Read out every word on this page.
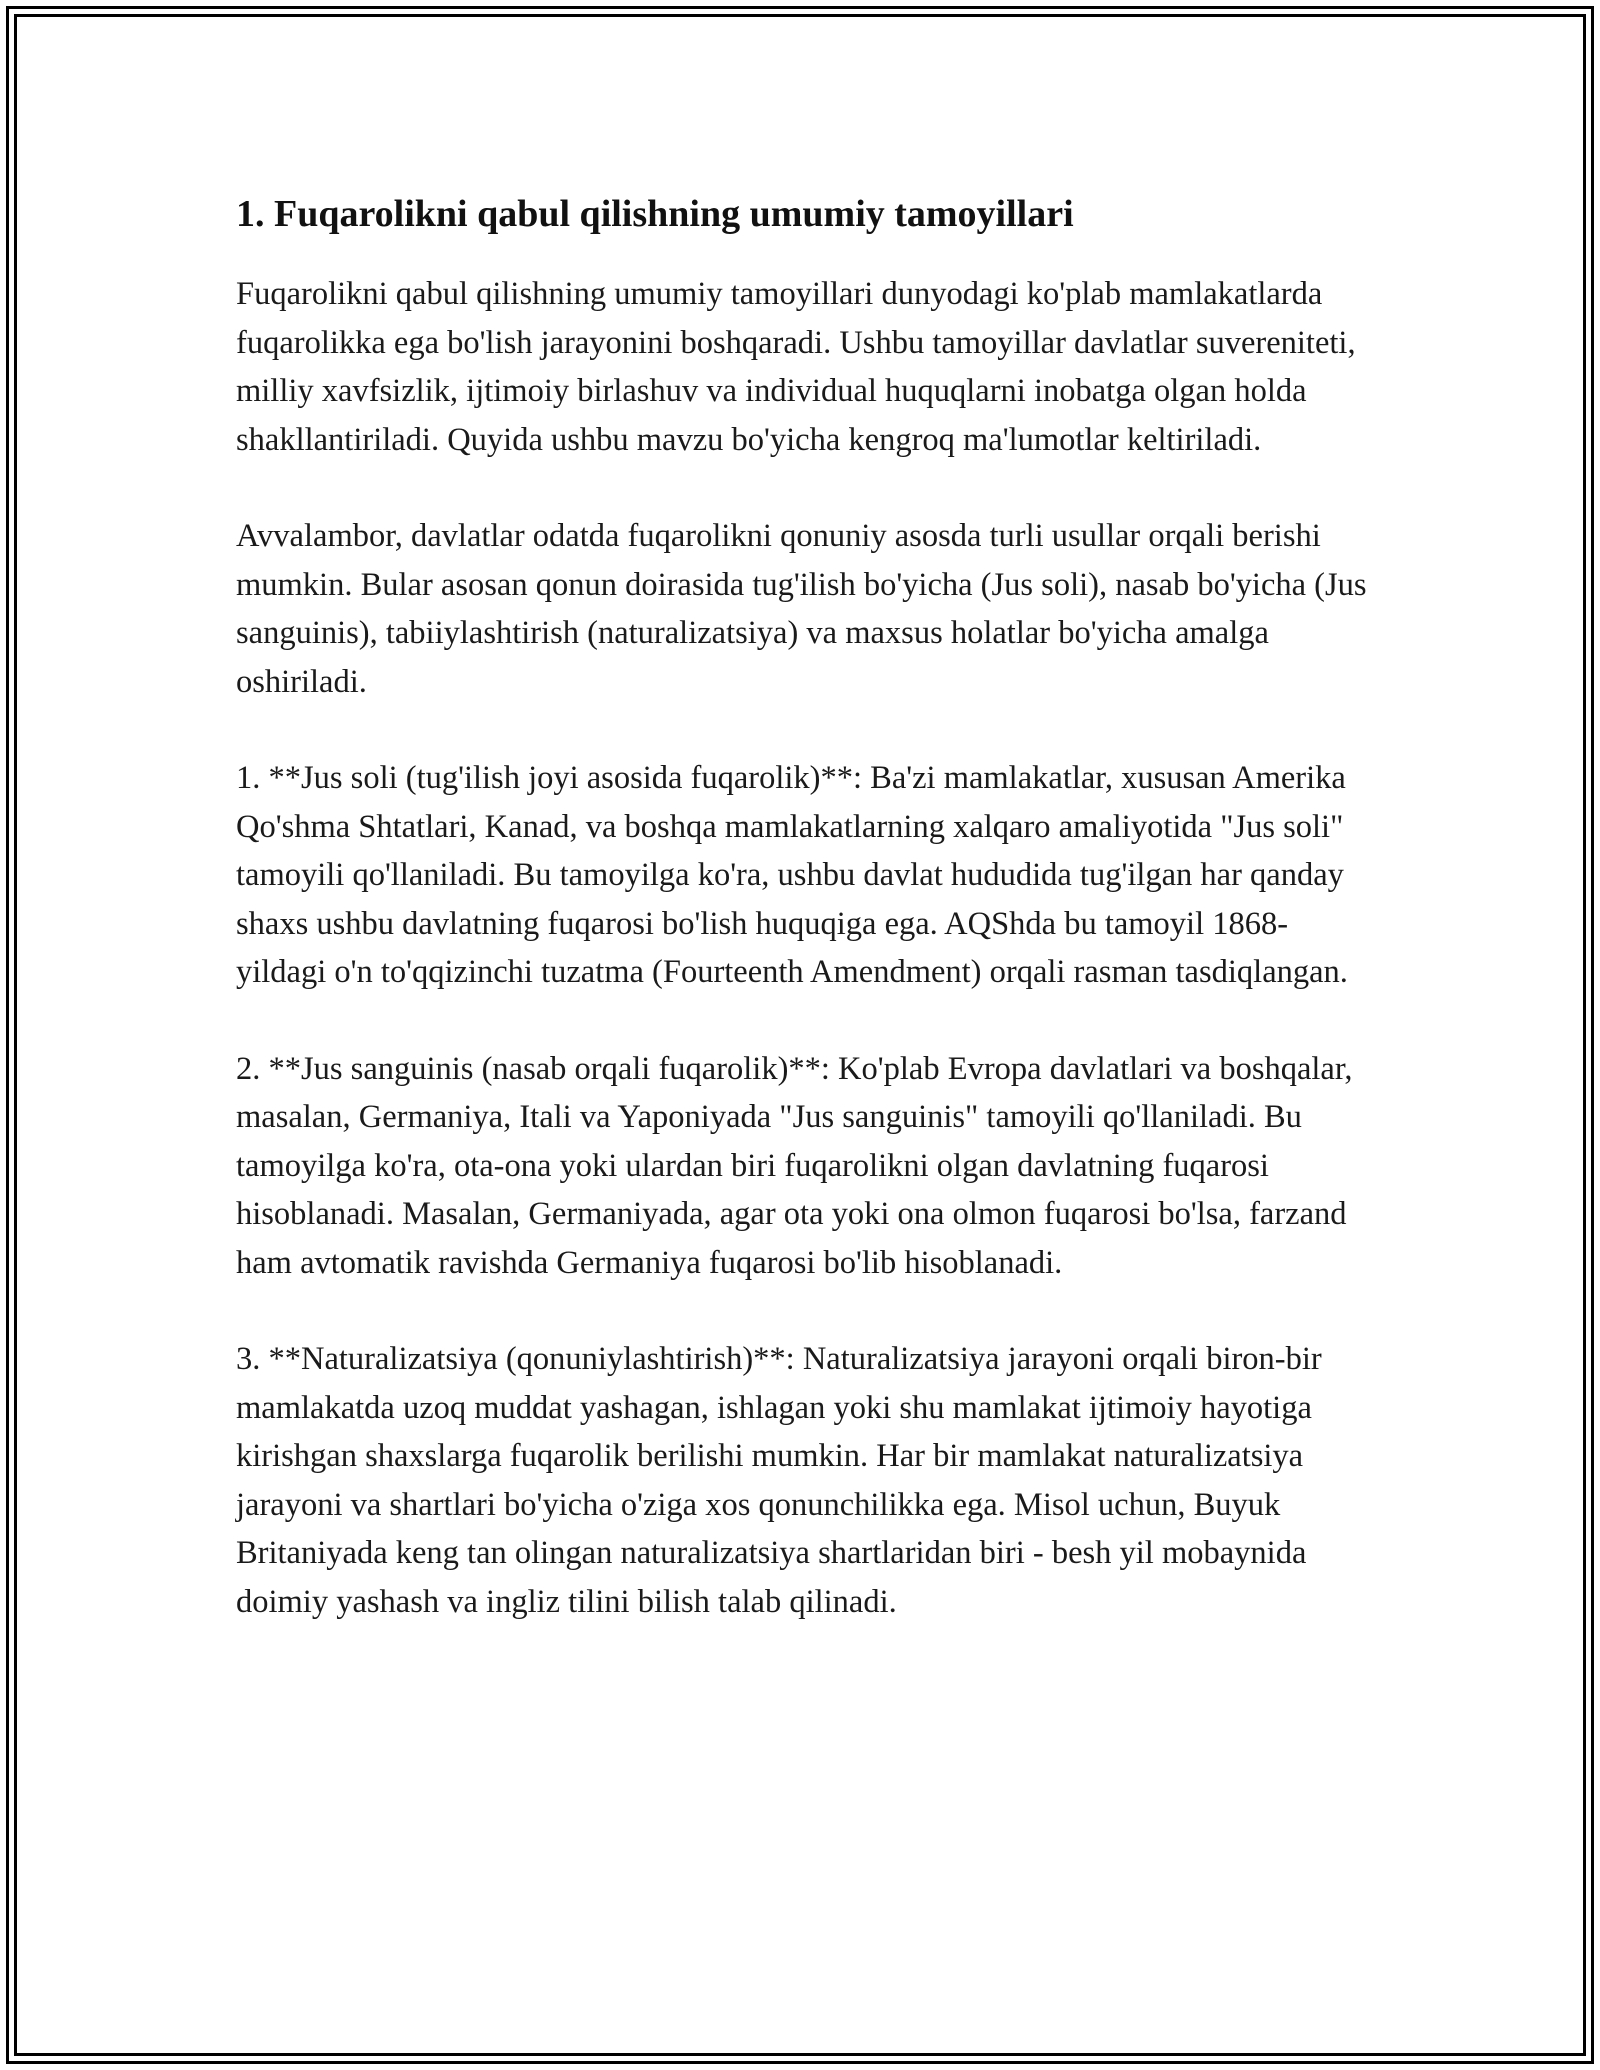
1. Fuqarolikni qabul qilishning umumiy tamoyillari

Fuqarolikni qabul qilishning umumiy tamoyillari dunyodagi ko'plab mamlakatlarda fuqarolikka ega bo'lish jarayonini boshqaradi. Ushbu tamoyillar davlatlar suvereniteti, milliy xavfsizlik, ijtimoiy birlashuv va individual huquqlarni inobatga olgan holda shakllantiriladi. Quyida ushbu mavzu bo'yicha kengroq ma'lumotlar keltiriladi.

Avvalambor, davlatlar odatda fuqarolikni qonuniy asosda turli usullar orqali berishi mumkin. Bular asosan qonun doirasida tug'ilish bo'yicha (Jus soli), nasab bo'yicha (Jus sanguinis), tabiiylashtirish (naturalizatsiya) va maxsus holatlar bo'yicha amalga oshiriladi.

1. **Jus soli (tug'ilish joyi asosida fuqarolik)**: Ba'zi mamlakatlar, xususan Amerika Qo'shma Shtatlari, Kanad, va boshqa mamlakatlarning xalqaro amaliyotida "Jus soli" tamoyili qo'llaniladi. Bu tamoyilga ko'ra, ushbu davlat hududida tug'ilgan har qanday shaxs ushbu davlatning fuqarosi bo'lish huquqiga ega. AQShda bu tamoyil 1868-yildagi o'n to'qqizinchi tuzatma (Fourteenth Amendment) orqali rasman tasdiqlangan.

2. **Jus sanguinis (nasab orqali fuqarolik)**: Ko'plab Evropa davlatlari va boshqalar, masalan, Germaniya, Itali va Yaponiyada "Jus sanguinis" tamoyili qo'llaniladi. Bu tamoyilga ko'ra, ota-ona yoki ulardan biri fuqarolikni olgan davlatning fuqarosi hisoblanadi. Masalan, Germaniyada, agar ota yoki ona olmon fuqarosi bo'lsa, farzand ham avtomatik ravishda Germaniya fuqarosi bo'lib hisoblanadi.

3. **Naturalizatsiya (qonuniylashtirish)**: Naturalizatsiya jarayoni orqali biron-bir mamlakatda uzoq muddat yashagan, ishlagan yoki shu mamlakat ijtimoiy hayotiga kirishgan shaxslarga fuqarolik berilishi mumkin. Har bir mamlakat naturalizatsiya jarayoni va shartlari bo'yicha o'ziga xos qonunchilikka ega. Misol uchun, Buyuk Britaniyada keng tan olingan naturalizatsiya shartlaridan biri - besh yil mobaynida doimiy yashash va ingliz tilini bilish talab qilinadi.
